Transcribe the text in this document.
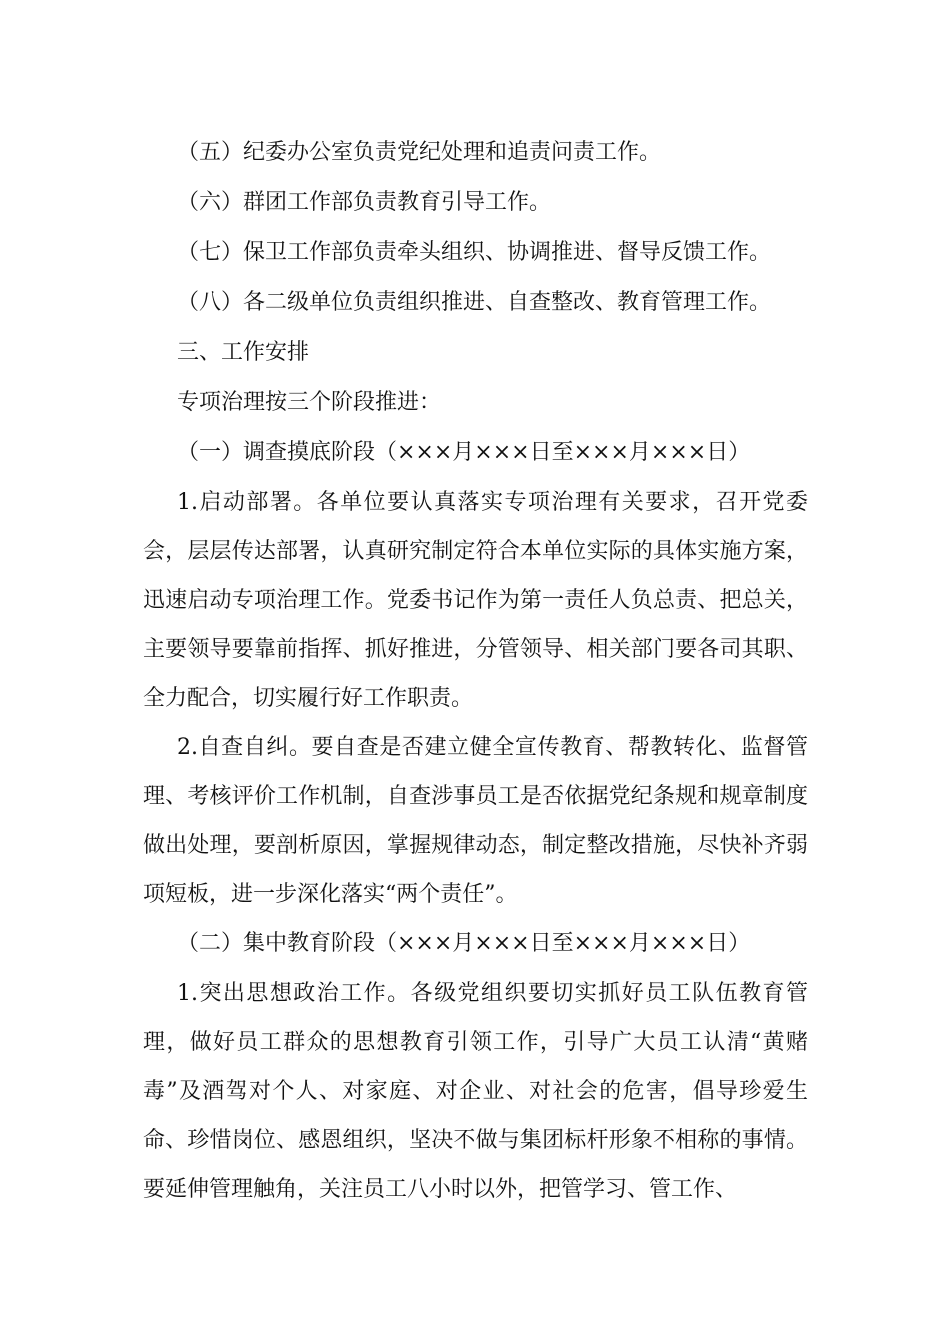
（五）纪委办公室负责党纪处理和追责问责工作。
（六）群团工作部负责教育引导工作。
（七）保卫工作部负责牵头组织、协调推进、督导反馈工作。
（八）各二级单位负责组织推进、自查整改、教育管理工作。
三、工作安排
专项治理按三个阶段推进：
（一）调查摸底阶段（×××月×××日至×××月×××日）

1.启动部署。各单位要认真落实专项治理有关要求，召开党委会，层层传达部署，认真研究制定符合本单位实际的具体实施方案，迅速启动专项治理工作。党委书记作为第一责任人负总责、把总关，主要领导要靠前指挥、抓好推进，分管领导、相关部门要各司其职、全力配合，切实履行好工作职责。

2.自查自纠。要自查是否建立健全宣传教育、帮教转化、监督管理、考核评价工作机制，自查涉事员工是否依据党纪条规和规章制度做出处理，要剖析原因，掌握规律动态，制定整改措施，尽快补齐弱项短板，进一步深化落实“两个责任”。

（二）集中教育阶段（×××月×××日至×××月×××日）

1.突出思想政治工作。各级党组织要切实抓好员工队伍教育管理，做好员工群众的思想教育引领工作，引导广大员工认清“黄赌毒”及酒驾对个人、对家庭、对企业、对社会的危害，倡导珍爱生命、珍惜岗位、感恩组织，坚决不做与集团标杆形象不相称的事情。要延伸管理触角，关注员工八小时以外，把管学习、管工作、
